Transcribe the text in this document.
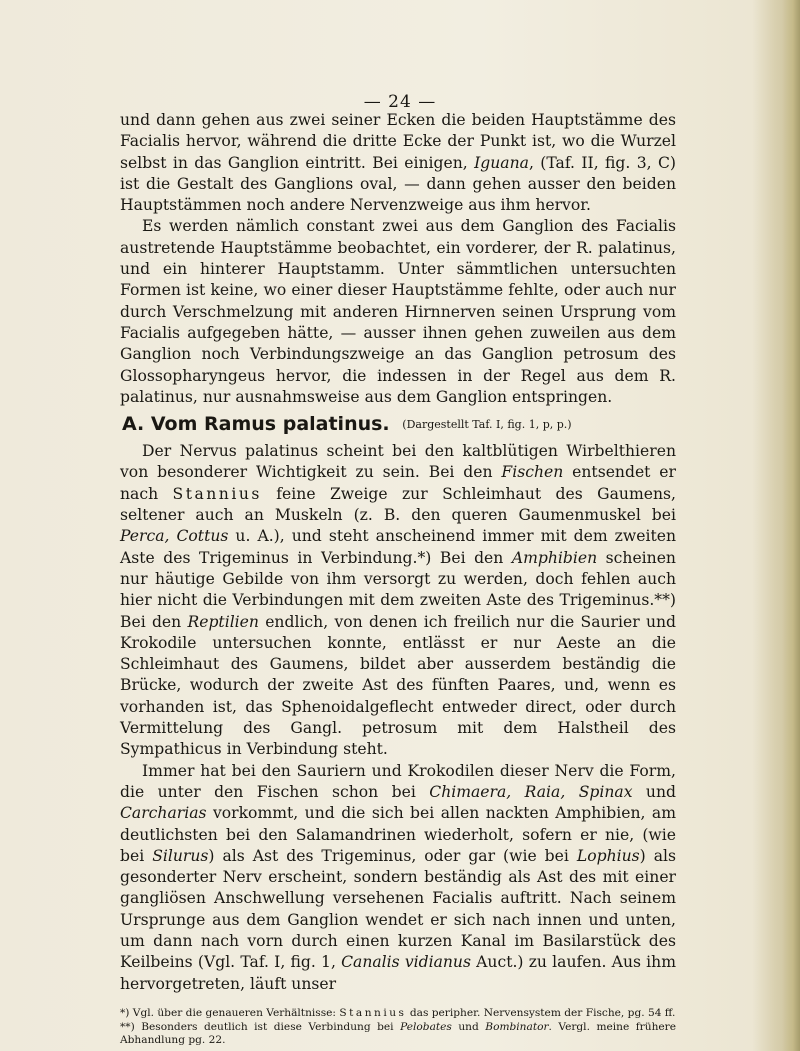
— 24 —

und dann gehen aus zwei seiner Ecken die beiden Hauptstämme des Facialis hervor, während die dritte Ecke der Punkt ist, wo die Wurzel selbst in das Ganglion eintritt. Bei einigen, Iguana, (Taf. II, fig. 3, C) ist die Gestalt des Ganglions oval, — dann gehen ausser den beiden Hauptstämmen noch andere Nervenzweige aus ihm hervor.

Es werden nämlich constant zwei aus dem Ganglion des Facialis austretende Hauptstämme beobachtet, ein vorderer, der R. palatinus, und ein hinterer Hauptstamm. Unter sämmtlichen untersuchten Formen ist keine, wo einer dieser Hauptstämme fehlte, oder auch nur durch Verschmelzung mit anderen Hirnnerven seinen Ursprung vom Facialis aufgegeben hätte, — ausser ihnen gehen zuweilen aus dem Ganglion noch Verbindungszweige an das Ganglion petrosum des Glossopharyngeus hervor, die indessen in der Regel aus dem R. palatinus, nur ausnahmsweise aus dem Ganglion entspringen.

A. Vom Ramus palatinus. (Dargestellt Taf. I, fig. 1, p, p.)

Der Nervus palatinus scheint bei den kaltblütigen Wirbelthieren von besonderer Wichtigkeit zu sein. Bei den Fischen entsendet er nach Stannius feine Zweige zur Schleimhaut des Gaumens, seltener auch an Muskeln (z. B. den queren Gaumenmuskel bei Perca, Cottus u. A.), und steht anscheinend immer mit dem zweiten Aste des Trigeminus in Verbindung.*) Bei den Amphibien scheinen nur häutige Gebilde von ihm versorgt zu werden, doch fehlen auch hier nicht die Verbindungen mit dem zweiten Aste des Trigeminus.**) Bei den Reptilien endlich, von denen ich freilich nur die Saurier und Krokodile untersuchen konnte, entlässt er nur Aeste an die Schleimhaut des Gaumens, bildet aber ausserdem beständig die Brücke, wodurch der zweite Ast des fünften Paares, und, wenn es vorhanden ist, das Sphenoidalgeflecht entweder direct, oder durch Vermittelung des Gangl. petrosum mit dem Halstheil des Sympathicus in Verbindung steht.

Immer hat bei den Sauriern und Krokodilen dieser Nerv die Form, die unter den Fischen schon bei Chimaera, Raia, Spinax und Carcharias vorkommt, und die sich bei allen nackten Amphibien, am deutlichsten bei den Salamandrinen wiederholt, sofern er nie, (wie bei Silurus) als Ast des Trigeminus, oder gar (wie bei Lophius) als gesonderter Nerv erscheint, sondern beständig als Ast des mit einer gangliösen Anschwellung versehenen Facialis auftritt. Nach seinem Ursprunge aus dem Ganglion wendet er sich nach innen und unten, um dann nach vorn durch einen kurzen Kanal im Basilarstück des Keilbeins (Vgl. Taf. I, fig. 1, Canalis vidianus Auct.) zu laufen. Aus ihm hervorgetreten, läuft unser

*) Vgl. über die genaueren Verhältnisse: Stannius das peripher. Nervensystem der Fische, pg. 54 ff.

**) Besonders deutlich ist diese Verbindung bei Pelobates und Bombinator. Vergl. meine frühere Abhandlung pg. 22.
